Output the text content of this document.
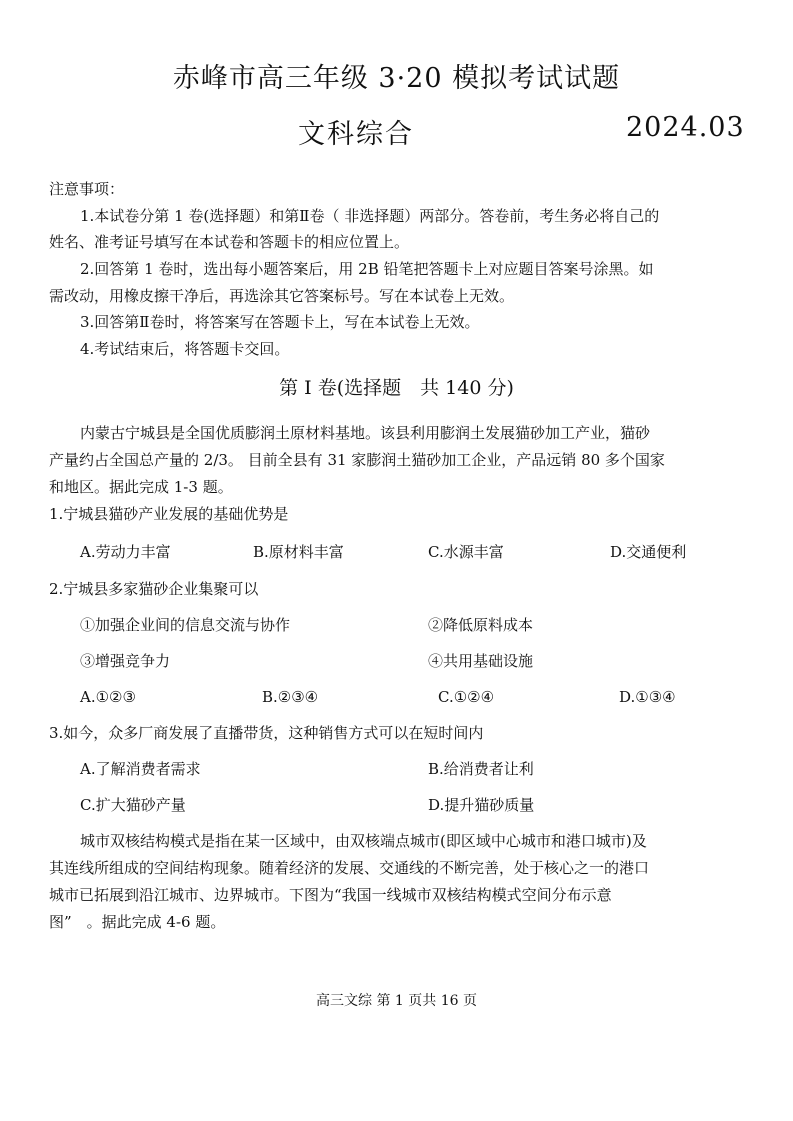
赤峰市高三年级 3·20 模拟考试试题
文科综合	2024.03
注意事项：
1.本试卷分第 1 卷(选择题）和第Ⅱ卷（ 非选择题）两部分。答卷前，考生务必将自己的
姓名、准考证号填写在本试卷和答题卡的相应位置上。
2.回答第 1 卷时，选出每小题答案后，用 2B 铅笔把答题卡上对应题目答案号涂黑。如
需改动，用橡皮擦干净后，再选涂其它答案标号。写在本试卷上无效。
3.回答第Ⅱ卷时，将答案写在答题卡上，写在本试卷上无效。
4.考试结束后，将答题卡交回。
第 I 卷(选择题　共 140 分)
内蒙古宁城县是全国优质膨润土原材料基地。该县利用膨润土发展猫砂加工产业，猫砂
产量约占全国总产量的 2/3。 目前全县有 31 家膨润土猫砂加工企业，产品远销 80 多个国家
和地区。据此完成 1-3 题。
1.宁城县猫砂产业发展的基础优势是
A.劳动力丰富	B.原材料丰富	C.水源丰富	D.交通便利
2.宁城县多家猫砂企业集聚可以
①加强企业间的信息交流与协作	②降低原料成本
③增强竞争力	④共用基础设施
A.①②③	B.②③④	C.①②④	D.①③④
3.如今，众多厂商发展了直播带货，这种销售方式可以在短时间内
A.了解消费者需求	B.给消费者让利
C.扩大猫砂产量	D.提升猫砂质量
城市双核结构模式是指在某一区域中，由双核端点城市(即区域中心城市和港口城市)及
其连线所组成的空间结构现象。随着经济的发展、交通线的不断完善，处于核心之一的港口
城市已拓展到沿江城市、边界城市。下图为“我国一线城市双核结构模式空间分布示意
图”　。据此完成 4-6 题。
高三文综 第 1 页共 16 页
